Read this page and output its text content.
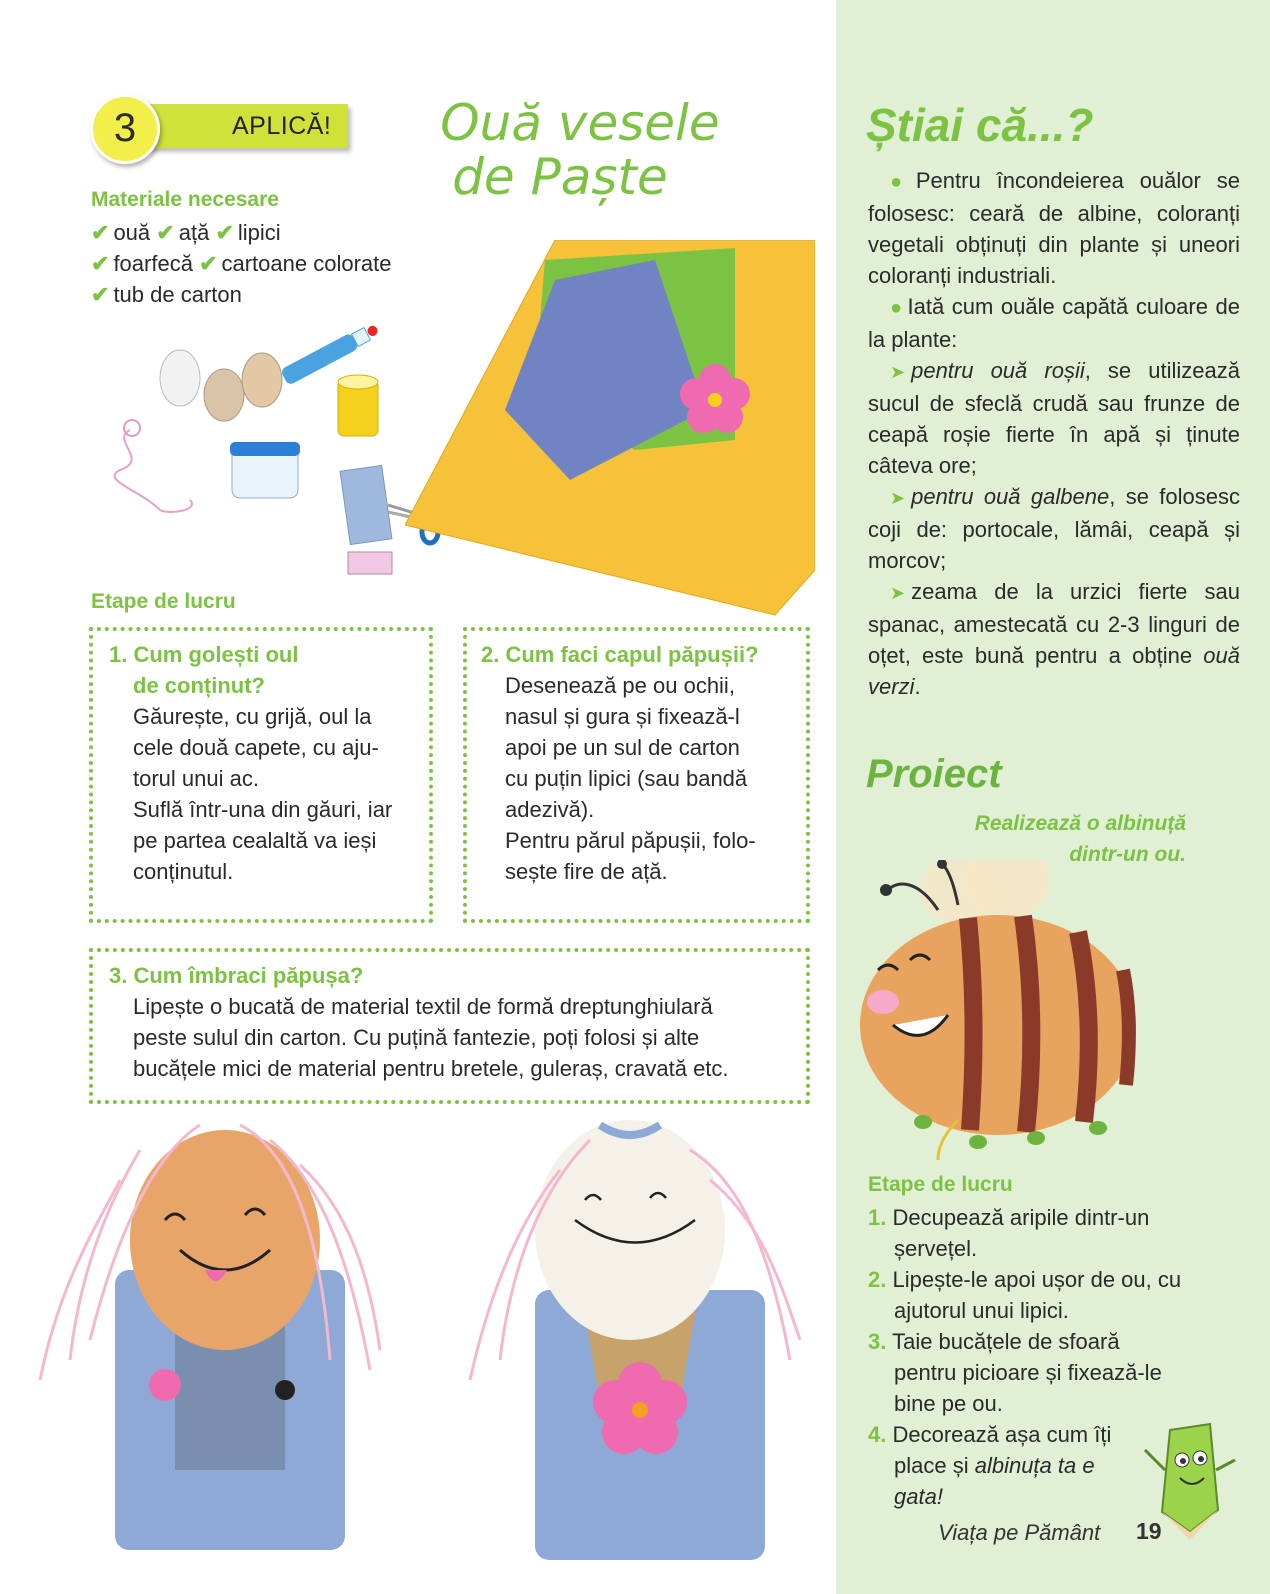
3	APLICĂ!	Ouă vesele
de Paște
Materiale necesare
✔ ouă ✔ ață ✔ lipici
✔ foarfecă ✔ cartoane colorate
✔ tub de carton
Etape de lucru
1. Cum golești oul
de conținut?
Găurește, cu grijă, oul la
cele două capete, cu aju-
torul unui ac.
Suflă într-una din găuri, iar
pe partea cealaltă va ieși
conținutul.
2. Cum faci capul păpușii?
Desenează pe ou ochii,
nasul și gura și fixează-l
apoi pe un sul de carton
cu puțin lipici (sau bandă
adezivă).
Pentru părul păpușii, folo-
sește fire de ață.
3. Cum îmbraci păpușa?
Lipește o bucată de material textil de formă dreptunghiulară
peste sulul din carton. Cu puțină fantezie, poți folosi și alte
bucățele mici de material pentru bretele, guleraș, cravată etc.
Știai că...?
● Pentru încondeierea ouălor se folosesc: ceară de albine, coloranți vegetali obținuți din plante și uneori coloranți industriali.
● Iată cum ouăle capătă culoare de la plante:
➤ pentru ouă roșii, se utilizează sucul de sfeclă crudă sau frunze de ceapă roșie fierte în apă și ținute câteva ore;
➤ pentru ouă galbene, se folosesc coji de: portocale, lămâi, ceapă și morcov;
➤ zeama de la urzici fierte sau spanac, amestecată cu 2-3 linguri de oțet, este bună pentru a obține ouă verzi.
Proiect
Realizează o albinuță
dintr-un ou.
Etape de lucru
1. Decupează aripile dintr-un șervețel.
2. Lipește-le apoi ușor de ou, cu ajutorul unui lipici.
3. Taie bucățele de sfoară pentru picioare și fixează-le bine pe ou.
4. Decorează așa cum îți place și albinuța ta e gata!
Viața pe Pământ 19
